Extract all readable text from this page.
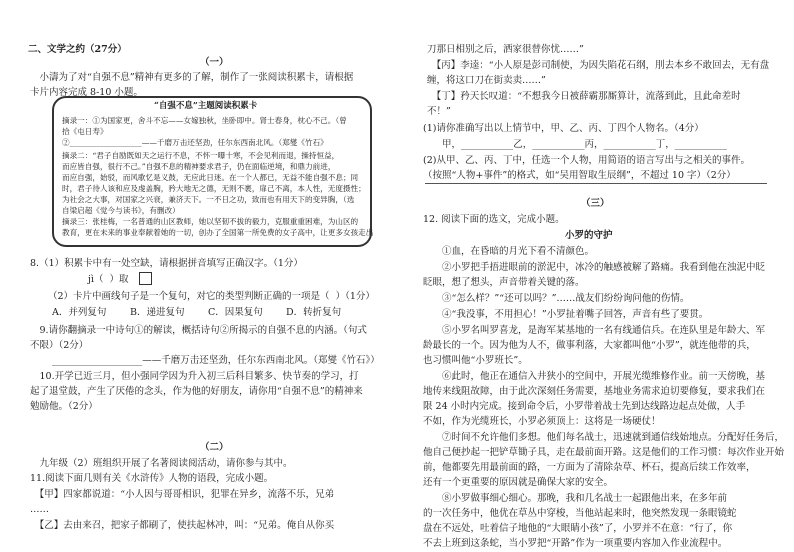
二、文学之约（27分）
（一）
　小濤为了对“自强不息”精神有更多的了解，制作了一张阅读积累卡，请根据
卡片内容完成 8-10 小题。
“自强不息”主题阅读积累卡
摘录一：①为国家更，舍斗不忘——女嫁独秋，坐卧即中。肾士春身，枕心不己。（曾
拾《屯日寿》
②___________________——千磨万击还坚劲，任尔东西南北风。（郑燮《竹石》
摘录二：“君子自励既如天之运行不息，不怀一曝十寒，不会见利而退，操持恒益，
而应皆自强，很行不己。”自强不息的精神要求君子，仍在面临逆境，和鼎力前进，
而应自强，始驳，而风歌忆是义鼓，无应此日迷。在一个人都已，无益不能自强不息；同
时，君子待人该和应及虔盖胸，矜大地无之德，无则不裹，扉己不离，本人性，无度摄性；
为社会之大事，对国家之兴衰，兼济天下。一不日之功，致而也有用天下的变异胸，（选
自梁启超《觉今与读书》，有删改）
摘录三：张桂梅，一名普通的山区教师，她以坚韧不拔的毅力，克服重重困难，为山区的
教育，更在未来的事业奉献着她的一切，创办了全国第一所免费的女子高中，让更多女孩走出
8.（1）积累卡中有一处空缺，请根据拼音填写正确汉字。（1分）
jì（  ）取
（2）卡片中画线句子是一个复句，对它的类型判断正确的一项是（  ）（1分）
A．并列复句 B．递进复句 C．因果复句 D．转折复句
　9.请你翻摘录一中诗句①的解读，概括诗句②所揭示的自强不息的内涵。（句式
不限）（2分）
___________________——千磨万击还坚劲，任尔东西南北风。（郑燮《竹石》）
　10.开学已近三月，但小强同学因为升入初三后科目繁多、快节奏的学习，打
起了退堂鼓，产生了厌倦的念头，作为他的好朋友，请你用“自强不息”的精神来
勉励他。（2分）
（二）
　九年级（2）班组织开展了名著阅读阅活动，请你参与其中。
11.阅读下面几则有关《水浒传》人物的语段，完成小题。
　【甲】四家都说道：“小人因与哥哥相识，犯罪在异乡，流落不乐，兄弟
……
　【乙】去由来召，把家子都刷了，使扶起林冲，叫：“兄弟。俺自从你买
刀那日相别之后，洒家很替你忧……”
　【丙】李逵：“小人原是彭司制使，为因失陷花石纲，刖去本乡不敢回去，无有盘
缠，将这口刀在街卖卖……”
　【丁】矜天长叹道：“不想我今日被薛霸那厮算计，流落到此，且此命差时
不！”
(1)请你准确写出以上情节中，甲、乙、丙、丁四个人物名。（4分）
　　甲，___________乙，___________丙，___________丁，___________
(2)从甲、乙、丙、丁中，任选一个人物，用简语的语言写出与之相关的事件。
（按照“人物+事件”的格式，如“吴用智取生辰纲”，不超过 10 字）（2分）
（三）
12. 阅读下面的选文，完成小题。
小罗的守护
　　①血，在昏暗的月光下看不清颜色。
　　②小罗把手捂进眼前的淤泥中，冰冷的触感被解了路痛。我看到他在浊泥中眨
眨眼，想了想头，声音带着关键的落。
　　③“怎么样？”“还可以吗？”……战友们纷纷询问他的伤情。
　　④“我没事，不用担心！”小罗扯着嘴子回答，声音有些了要贯。
　　⑤小罗名叫罗喜龙，是海军某基地的一名有线通信兵。在连队里是年龄大、军
龄最长的一个。因为他为人不，做事利落，大家都叫他“小罗”，就连他带的兵，
也习惯叫他“小罗班长”。
　　⑥此时，他正在通信入井狭小的空间中，开展光缆维修作业。前一天傍晚，基
地传来线阻故障，由于此次深刻任务需要，基地业务需求迫切要修复，要求我们在
限 24 小时内完成。接到命令后，小罗带着战士先到达线路边起点处做，人手
不如，作为光缆班长，小罗必须顶上：这将是一场硬仗！
　　⑦时间不允许他们多想。他们每名战士，迅速就到通信线始地点。分配好任务后，
他自己便抄起一把铲草锄子具，走在最前面开路。这是他们的工作习惯：每次作业开始
前，他都要先用最前面的路，一方面为了清除杂草、杯石，提高后续工作效率，
还有一个更重要的原因就是确保大家的安全。
　　⑧小罗做事细心细心。那晚，我和几名战士一起跟他出来，在多年前
的一次任务中，他优在草丛中穿梭，当他站起来时，他突然发现一条眼镜蛇
盘在不远处，吐着信子地他的“大眼睛小孩”了，小罗并不在意：“行了，你
不去上班到这条蛇，当小罗把“开路”作为一项重要内容加入作业流程中。
